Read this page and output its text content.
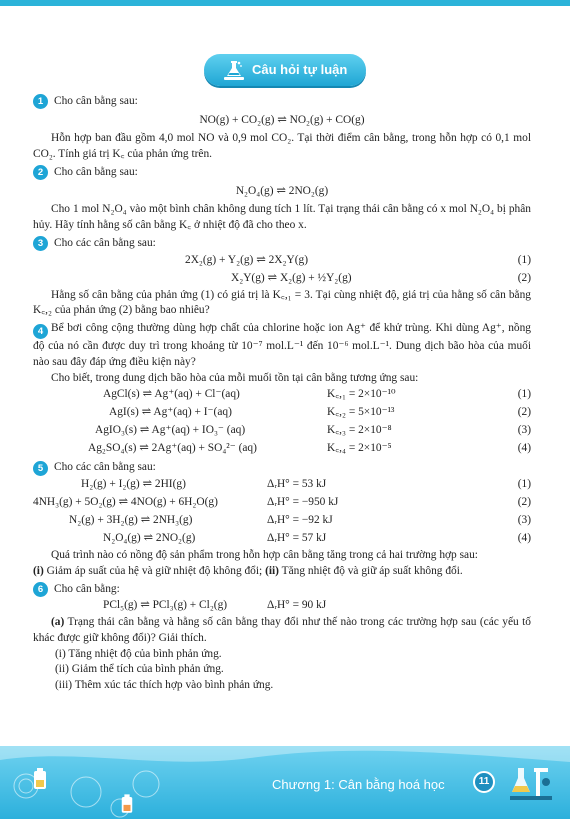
Câu hỏi tự luận
1 Cho cân bằng sau:
NO(g) + CO₂(g) ⇌ NO₂(g) + CO(g)
Hỗn hợp ban đầu gồm 4,0 mol NO và 0,9 mol CO₂. Tại thời điểm cân bằng, trong hỗn hợp có 0,1 mol CO₂. Tính giá trị K꜀ của phản ứng trên.
2 Cho cân bằng sau:
N₂O₄(g) ⇌ 2NO₂(g)
Cho 1 mol N₂O₄ vào một bình chân không dung tích 1 lít. Tại trạng thái cân bằng có x mol N₂O₄ bị phân hủy. Hãy tính hằng số cân bằng K꜀ ở nhiệt độ đã cho theo x.
3 Cho các cân bằng sau:
2X₂(g) + Y₂(g) ⇌ 2X₂Y(g)	(1)
X₂Y(g) ⇌ X₂(g) + ½Y₂(g)	(2)
Hằng số cân bằng của phản ứng (1) có giá trị là K꜀,₁ = 3. Tại cùng nhiệt độ, giá trị của hằng số cân bằng K꜀,₂ của phản ứng (2) bằng bao nhiêu?
4 Bể bơi công cộng thường dùng hợp chất của chlorine hoặc ion Ag⁺ để khử trùng. Khi dùng Ag⁺, nồng độ của nó cần được duy trì trong khoảng từ 10⁻⁷ mol.L⁻¹ đến 10⁻⁶ mol.L⁻¹. Dung dịch bão hòa của muối nào sau đây đáp ứng điều kiện này?
Cho biết, trong dung dịch bão hòa của mỗi muối tồn tại cân bằng tương ứng sau:
AgCl(s) ⇌ Ag⁺(aq) + Cl⁻(aq)	K꜀,₁ = 2×10⁻¹⁰	(1)
AgI(s) ⇌ Ag⁺(aq) + I⁻(aq)	K꜀,₂ = 5×10⁻¹³	(2)
AgIO₃(s) ⇌ Ag⁺(aq) + IO₃⁻ (aq)	K꜀,₃ = 2×10⁻⁸	(3)
Ag₂SO₄(s) ⇌ 2Ag⁺(aq) + SO₄²⁻ (aq)	K꜀,₄ = 2×10⁻⁵	(4)
5 Cho các cân bằng sau:
H₂(g) + I₂(g) ⇌ 2HI(g)	ΔᵣH° = 53 kJ	(1)
4NH₃(g) + 5O₂(g) ⇌ 4NO(g) + 6H₂O(g)	ΔᵣH° = −950 kJ	(2)
N₂(g) + 3H₂(g) ⇌ 2NH₃(g)	ΔᵣH° = −92 kJ	(3)
N₂O₄(g) ⇌ 2NO₂(g)	ΔᵣH° = 57 kJ	(4)
Quá trình nào có nồng độ sản phẩm trong hỗn hợp cân bằng tăng trong cả hai trường hợp sau:
(i) Giảm áp suất của hệ và giữ nhiệt độ không đổi; (ii) Tăng nhiệt độ và giữ áp suất không đổi.
6 Cho cân bằng:
PCl₅(g) ⇌ PCl₃(g) + Cl₂(g)	ΔᵣH° = 90 kJ
(a) Trạng thái cân bằng và hằng số cân bằng thay đổi như thế nào trong các trường hợp sau (các yếu tố khác được giữ không đổi)? Giải thích.
(i) Tăng nhiệt độ của bình phản ứng.
(ii) Giảm thể tích của bình phản ứng.
(iii) Thêm xúc tác thích hợp vào bình phản ứng.
Chương 1: Cân bằng hoá học	11
